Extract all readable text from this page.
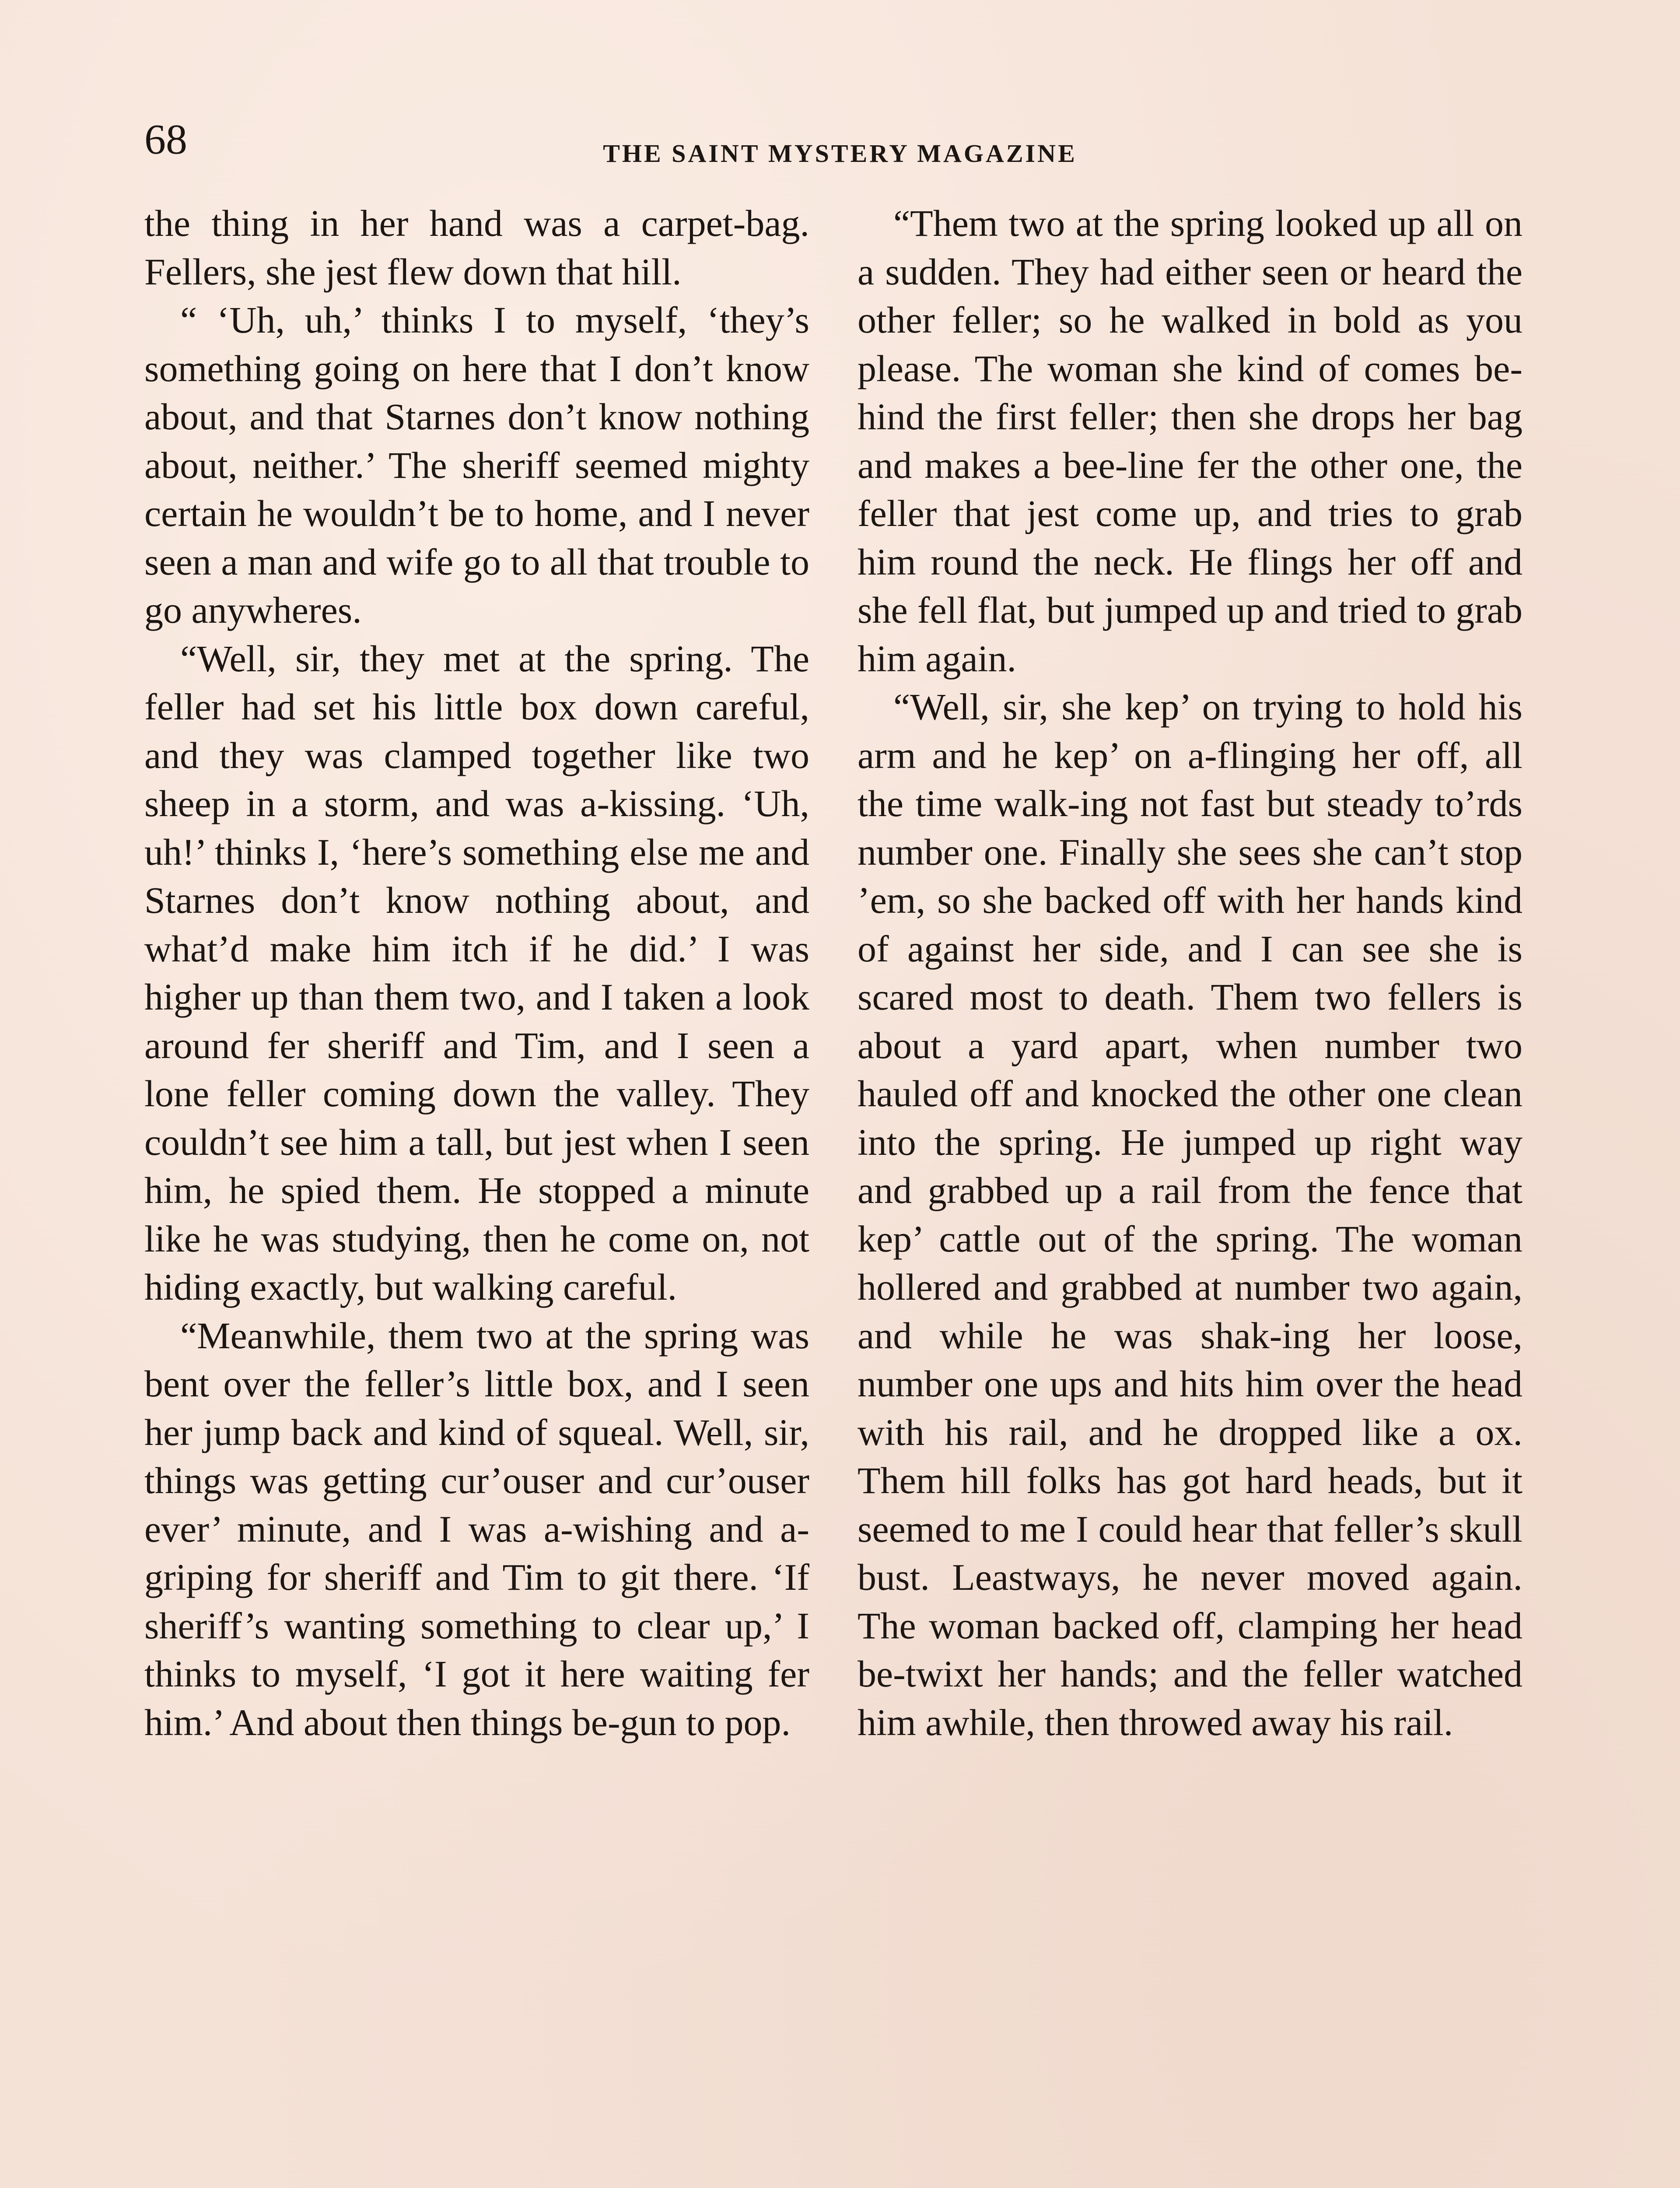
68	THE SAINT MYSTERY MAGAZINE

the thing in her hand was a carpet-bag. Fellers, she jest flew down that hill.

“ ‘Uh, uh,’ thinks I to myself, ‘they’s something going on here that I don’t know about, and that Starnes don’t know nothing about, neither.’ The sheriff seemed mighty certain he wouldn’t be to home, and I never seen a man and wife go to all that trouble to go anywheres.

“Well, sir, they met at the spring. The feller had set his little box down careful, and they was clamped together like two sheep in a storm, and was a-kissing. ‘Uh, uh!’ thinks I, ‘here’s something else me and Starnes don’t know nothing about, and what’d make him itch if he did.’ I was higher up than them two, and I taken a look around fer sheriff and Tim, and I seen a lone feller coming down the valley. They couldn’t see him a tall, but jest when I seen him, he spied them. He stopped a minute like he was studying, then he come on, not hiding exactly, but walking careful.

“Meanwhile, them two at the spring was bent over the feller’s little box, and I seen her jump back and kind of squeal. Well, sir, things was getting cur’ouser and cur’ouser ever’ minute, and I was a-wishing and a-griping for sheriff and Tim to git there. ‘If sheriff’s wanting something to clear up,’ I thinks to myself, ‘I got it here waiting fer him.’ And about then things be-gun to pop.

“Them two at the spring looked up all on a sudden. They had either seen or heard the other feller; so he walked in bold as you please. The woman she kind of comes be-hind the first feller; then she drops her bag and makes a bee-line fer the other one, the feller that jest come up, and tries to grab him round the neck. He flings her off and she fell flat, but jumped up and tried to grab him again.

“Well, sir, she kep’ on trying to hold his arm and he kep’ on a-flinging her off, all the time walk-ing not fast but steady to’rds number one. Finally she sees she can’t stop ’em, so she backed off with her hands kind of against her side, and I can see she is scared most to death. Them two fellers is about a yard apart, when number two hauled off and knocked the other one clean into the spring. He jumped up right way and grabbed up a rail from the fence that kep’ cattle out of the spring. The woman hollered and grabbed at number two again, and while he was shak-ing her loose, number one ups and hits him over the head with his rail, and he dropped like a ox. Them hill folks has got hard heads, but it seemed to me I could hear that feller’s skull bust. Leastways, he never moved again. The woman backed off, clamping her head be-twixt her hands; and the feller watched him awhile, then throwed away his rail.
